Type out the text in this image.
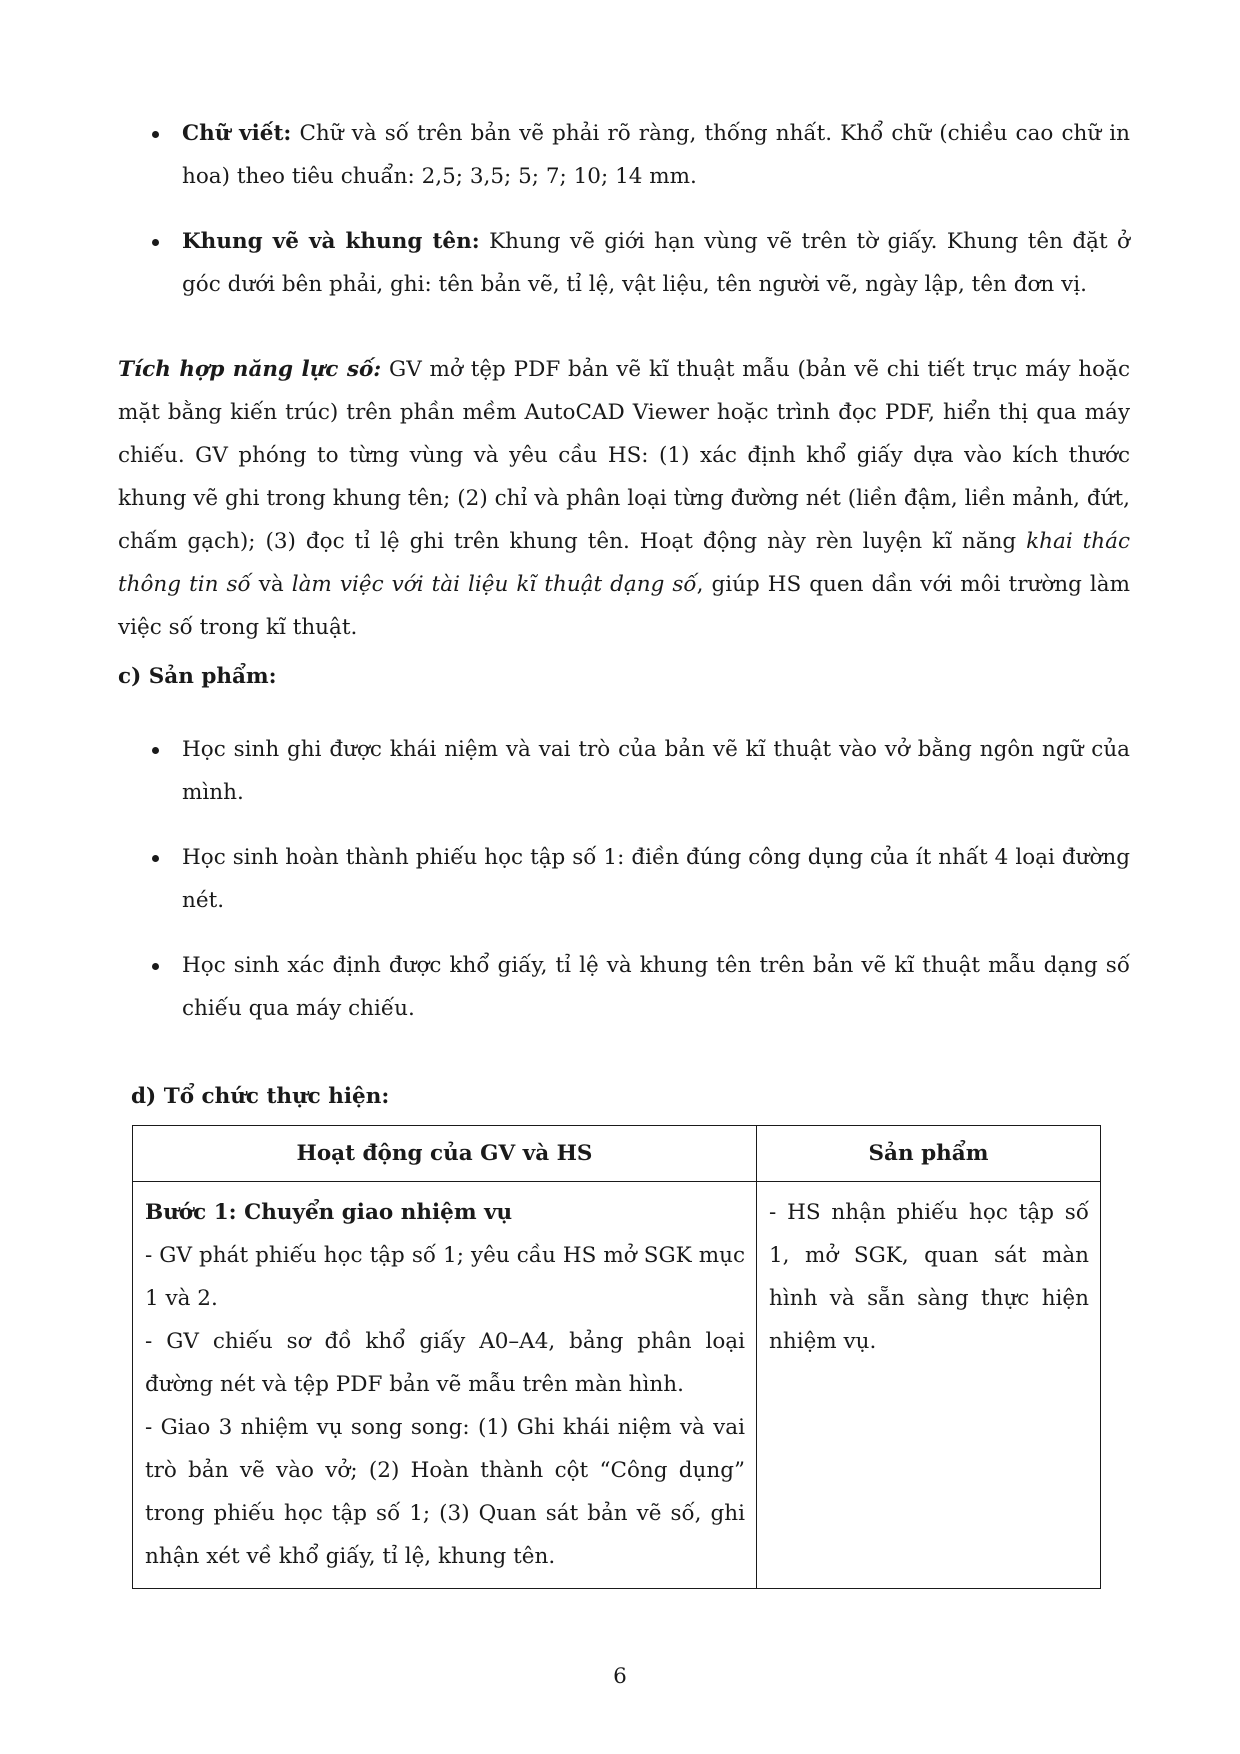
Chữ viết: Chữ và số trên bản vẽ phải rõ ràng, thống nhất. Khổ chữ (chiều cao chữ in hoa) theo tiêu chuẩn: 2,5; 3,5; 5; 7; 10; 14 mm.
Khung vẽ và khung tên: Khung vẽ giới hạn vùng vẽ trên tờ giấy. Khung tên đặt ở góc dưới bên phải, ghi: tên bản vẽ, tỉ lệ, vật liệu, tên người vẽ, ngày lập, tên đơn vị.

Tích hợp năng lực số: GV mở tệp PDF bản vẽ kĩ thuật mẫu (bản vẽ chi tiết trục máy hoặc mặt bằng kiến trúc) trên phần mềm AutoCAD Viewer hoặc trình đọc PDF, hiển thị qua máy chiếu. GV phóng to từng vùng và yêu cầu HS: (1) xác định khổ giấy dựa vào kích thước khung vẽ ghi trong khung tên; (2) chỉ và phân loại từng đường nét (liền đậm, liền mảnh, đứt, chấm gạch); (3) đọc tỉ lệ ghi trên khung tên. Hoạt động này rèn luyện kĩ năng khai thác thông tin số và làm việc với tài liệu kĩ thuật dạng số, giúp HS quen dần với môi trường làm việc số trong kĩ thuật.

c) Sản phẩm:

Học sinh ghi được khái niệm và vai trò của bản vẽ kĩ thuật vào vở bằng ngôn ngữ của mình.
Học sinh hoàn thành phiếu học tập số 1: điền đúng công dụng của ít nhất 4 loại đường nét.
Học sinh xác định được khổ giấy, tỉ lệ và khung tên trên bản vẽ kĩ thuật mẫu dạng số chiếu qua máy chiếu.

d) Tổ chức thực hiện:

Hoạt động của GV và HS	Sản phẩm

Bước 1: Chuyển giao nhiệm vụ
- GV phát phiếu học tập số 1; yêu cầu HS mở SGK mục 1 và 2.
- GV chiếu sơ đồ khổ giấy A0–A4, bảng phân loại đường nét và tệp PDF bản vẽ mẫu trên màn hình.
- Giao 3 nhiệm vụ song song: (1) Ghi khái niệm và vai trò bản vẽ vào vở; (2) Hoàn thành cột “Công dụng” trong phiếu học tập số 1; (3) Quan sát bản vẽ số, ghi nhận xét về khổ giấy, tỉ lệ, khung tên.	- HS nhận phiếu học tập số 1, mở SGK, quan sát màn hình và sẵn sàng thực hiện nhiệm vụ.
6
